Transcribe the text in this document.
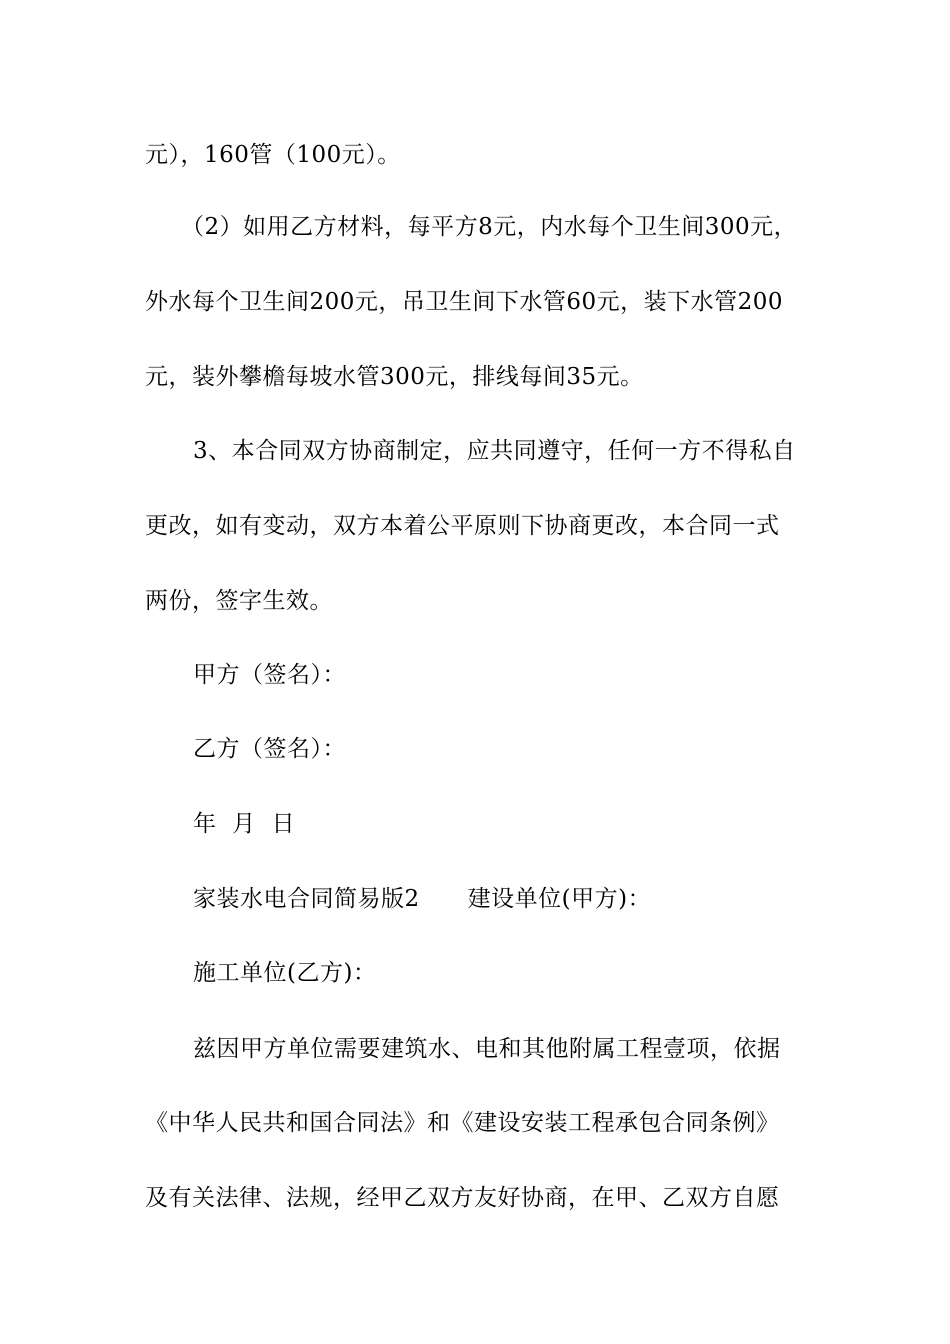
元），160管（100元）。
（2）如用乙方材料，每平方8元，内水每个卫生间300元，
外水每个卫生间200元，吊卫生间下水管60元，装下水管200
元，装外攀檐每坡水管300元，排线每间35元。
3、本合同双方协商制定，应共同遵守，任何一方不得私自
更改，如有变动，双方本着公平原则下协商更改，本合同一式
两份，签字生效。
甲方（签名）：
乙方（签名）：
年 月 日
家装水电合同简易版2 建设单位(甲方)：
施工单位(乙方)：
兹因甲方单位需要建筑水、电和其他附属工程壹项，依据
《中华人民共和国合同法》和《建设安装工程承包合同条例》
及有关法律、法规，经甲乙双方友好协商，在甲、乙双方自愿
